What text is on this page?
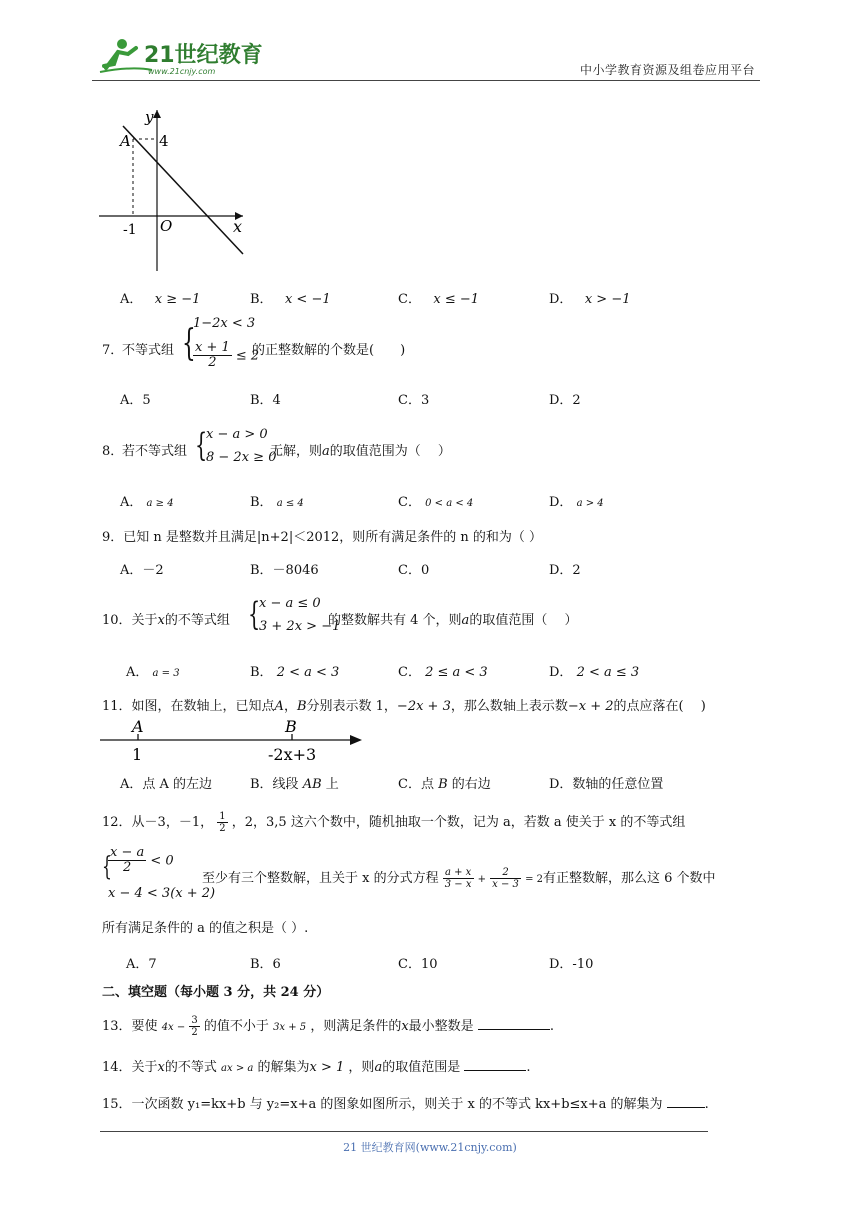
21世纪教育
www.21cnjy.com	中小学教育资源及组卷应用平台
A
y
4
-1 O	x
A． x ≥ −1	B． x < −1	C． x ≤ −1	D． x > −1
7．
不等式组 {
1−2x < 3
$\frac{x + 1}{2} \le 2$
的正整数解的个数是(　　)
A．5	B．4	C．3	D．2
8．
若不等式组 {
x − a > 0
8 − 2x ≥ 0
无解，则a的取值范围为（　 ）
A． a ≥ 4	B． a ≤ 4	C． 0 < a < 4	D． a > 4
9．已知 n 是整数并且满足|n+2|＜2012，则所有满足条件的 n 的和为（ ）
A．－2	B．－8046	C．0	D．2
10．关于x的不等式组 {
x − a ≤ 0
3 + 2x > −1
的整数解共有 4 个，则a的取值范围（　 ）
A． a = 3	B． 2 < a < 3	C． 2 ≤ a < 3	D． 2 < a ≤ 3
11．如图，在数轴上，已知点A，B分别表示数 1，−2x + 3，那么数轴上表示数−x + 2的点应落在(　 )
A	B
1	-2x+3
A．点 A 的左边	B．线段 AB 上	C．点 B 的右边	D．数轴的任意位置
12．从－3，－1， $\frac{1}{2}$ ，2，3,5 这六个数中，随机抽取一个数，记为 a，若数 a 使关于 x 的不等式组
{
$\frac{x - a}{2} < 0$
x − 4 < 3(x + 2)
至少有三个整数解，且关于 x 的分式方程 $\frac{a + x}{3 - x} + \frac{2}{x - 3} = 2$有正整数解，那么这 6 个数中
所有满足条件的 a 的值之积是（ ）.
A．7	B．6	C．10	D．-10
二、填空题（每小题 3 分，共 24 分）
13．要使 $4x - \frac{3}{2}$ 的值不小于 3x + 5 ，则满足条件的x最小整数是	.
14．关于x的不等式 ax > a 的解集为x > 1 ，则a的取值范围是	.
15．一次函数 y₁=kx+b 与 y₂=x+a 的图象如图所示，则关于 x 的不等式 kx+b≤x+a 的解集为	.
21 世纪教育网(www.21cnjy.com)
